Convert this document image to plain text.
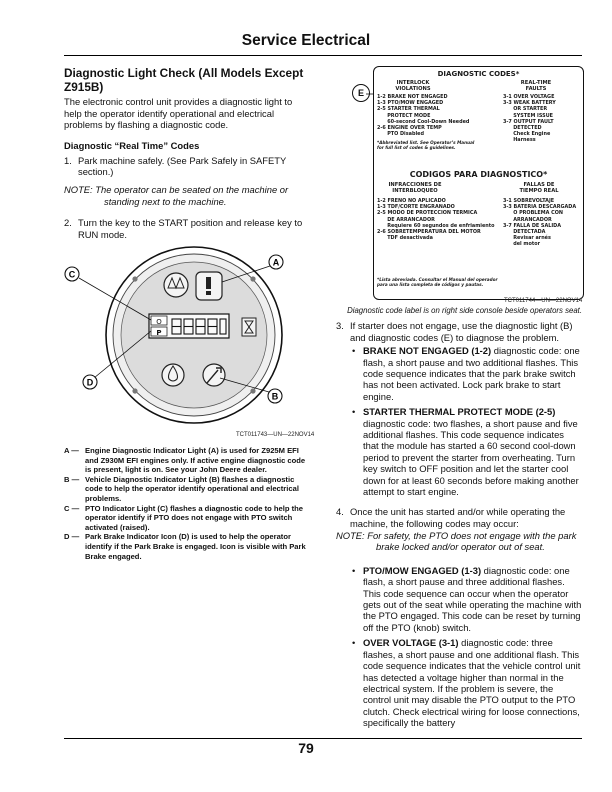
Service Electrical
Diagnostic Light Check (All Models Except Z915B)
The electronic control unit provides a diagnostic light to help the operator identify operational and electrical problems by flashing a diagnostic code.
Diagnostic “Real Time” Codes
1. Park machine safely. (See Park Safely in SAFETY section.)
NOTE: The operator can be seated on the machine or standing next to the machine.
2. Turn the key to the START position and release key to RUN mode.
O
P
C
A
D
B
TCT011743—UN—22NOV14
A — Engine Diagnostic Indicator Light (A) is used for Z925M EFI and Z930M EFI engines only. If active engine diagnostic code is present, light is on. See your John Deere dealer.
B — Vehicle Diagnostic Indicator Light (B) flashes a diagnostic code to help the operator identify operational and electrical problems.
C — PTO Indicator Light (C) flashes a diagnostic code to help the operator identify if PTO does not engage with PTO switch activated (raised).
D — Park Brake Indicator Icon (D) is used to help the operator identify if the Park Brake is engaged. Icon is visible with Park Brake engaged.
E
DIAGNOSTIC CODES*
INTERLOCK
VIOLATIONS
REAL-TIME
FAULTS
1-2 BRAKE NOT ENGAGED
1-3 PTO/MOW ENGAGED
2-5 STARTER THERMAL
PROTECT MODE
60-second Cool-Down Needed
2-6 ENGINE OVER TEMP
PTO Disabled
3-1 OVER VOLTAGE
3-3 WEAK BATTERY
OR STARTER
SYSTEM ISSUE
3-7 OUTPUT FAULT
DETECTED
Check Engine
Harness
*Abbreviated list. See Operator’s Manual
for full list of codes & guidelines.
CODIGOS PARA DIAGNOSTICO*
INFRACCIONES DE
INTERBLOQUEO
FALLAS DE
TIEMPO REAL
1-2 FRENO NO APLICADO
1-3 TDF/CORTE ENGRANADO
2-5 MODO DE PROTECCION TERMICA
DE ARRANCADOR
Requiere 60 segundos de enfriamiento
2-6 SOBRETEMPERATURA DEL MOTOR
TDF desactivada
3-1 SOBREVOLTAJE
3-3 BATERIA DESCARGADA
O PROBLEMA CON
ARRANCADOR
3-7 FALLA DE SALIDA
DETECTADA
Revisar arnés
del motor
*Lista abreviada. Consultar el Manual del operador
para una lista completa de códigos y pautas.
TCT011744—UN—22NOV14
Diagnostic code label is on right side console beside operators seat.
3. If starter does not engage, use the diagnostic light (B) and diagnostic codes (E) to diagnose the problem.
• BRAKE NOT ENGAGED (1-2) diagnostic code: one flash, a short pause and two additional flashes. This code sequence indicates that the park brake switch has not been activated. Lock park brake to start engine.
• STARTER THERMAL PROTECT MODE (2-5) diagnostic code: two flashes, a short pause and five additional flashes. This code sequence indicates that the module has started a 60 second cool-down period to prevent the starter from overheating. Turn key switch to OFF position and let the starter cool down for at least 60 seconds before making another attempt to start engine.
4. Once the unit has started and/or while operating the machine, the following codes may occur:
NOTE: For safety, the PTO does not engage with the park brake locked and/or operator out of seat.
• PTO/MOW ENGAGED (1-3) diagnostic code: one flash, a short pause and three additional flashes. This code sequence can occur when the operator gets out of the seat while operating the machine with the PTO engaged. This code can be reset by turning off the PTO (knob) switch.
• OVER VOLTAGE (3-1) diagnostic code: three flashes, a short pause and one additional flash. This code sequence indicates that the vehicle control unit has detected a voltage higher than normal in the electrical system. If the problem is severe, the control unit may disable the PTO output to the PTO clutch. Check electrical wiring for loose connections, specifically the battery
79
